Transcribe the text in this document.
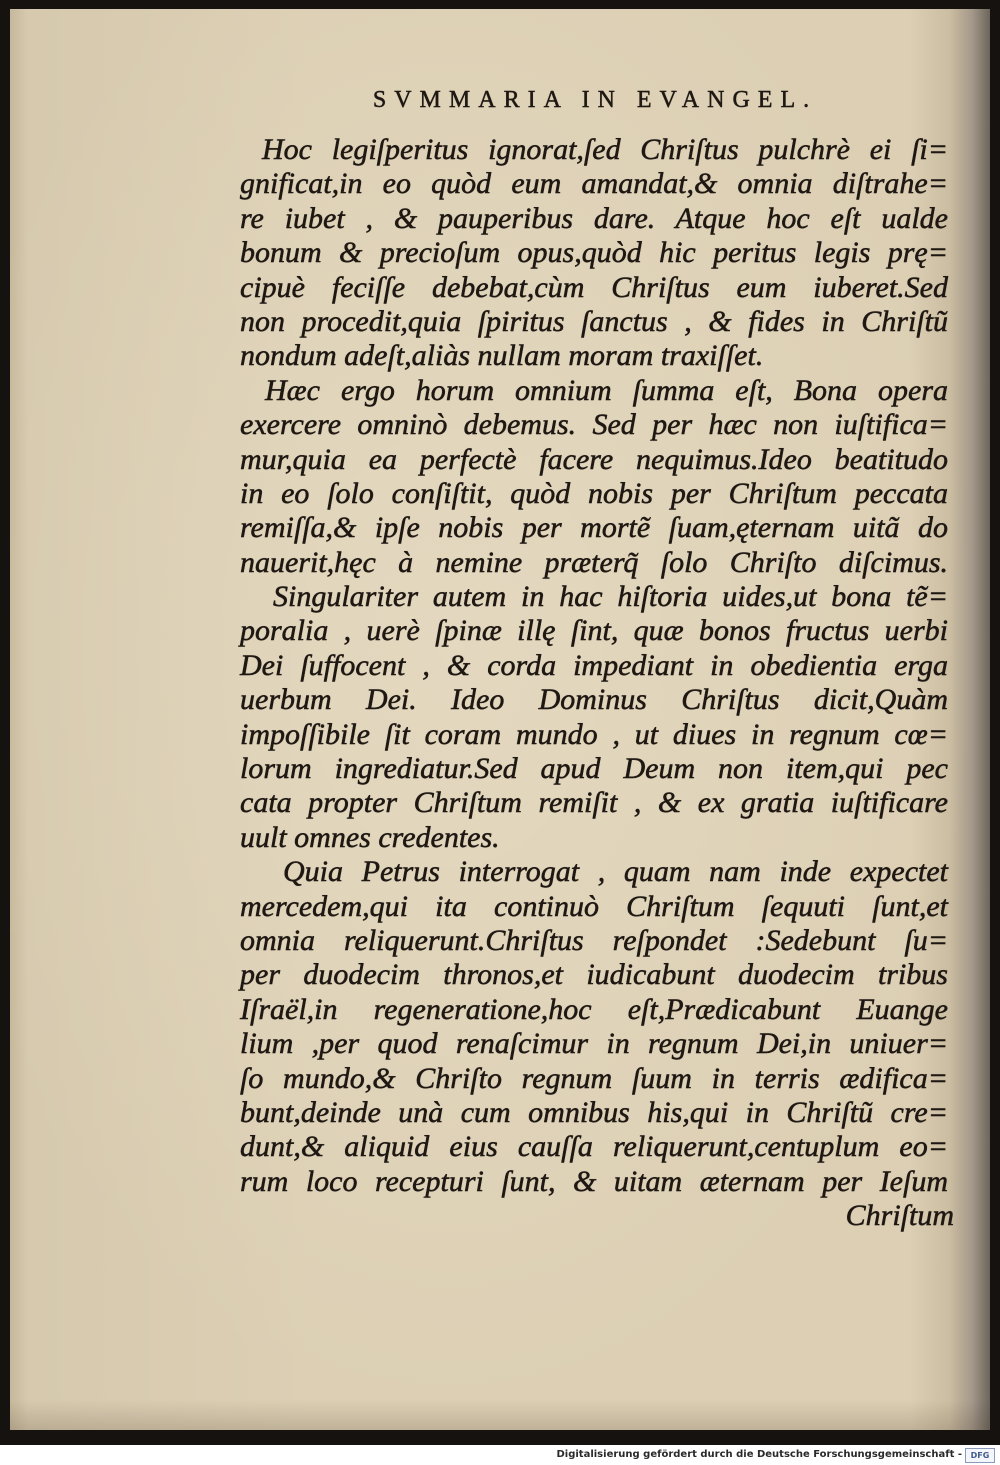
SVMMARIA IN EVANGEL.
Hoc legiſperitus ignorat,ſed Chriſtus pulchrè ei ſi=
gnificat,in eo quòd eum amandat,& omnia diſtrahe=
re iubet , & pauperibus dare. Atque hoc eſt ualde
bonum & precioſum opus,quòd hic peritus legis prę=
cipuè feciſſe debebat,cùm Chriſtus eum iuberet.Sed
non procedit,quia ſpiritus ſanctus , & fides in Chriſtũ
nondum adeſt,aliàs nullam moram traxiſſet.
Hæc ergo horum omnium ſumma eſt, Bona opera
exercere omninò debemus. Sed per hæc non iuſtifica=
mur,quia ea perfectè facere nequimus.Ideo beatitudo
in eo ſolo conſiſtit, quòd nobis per Chriſtum peccata
remiſſa,& ipſe nobis per mortẽ ſuam,ęternam uitã do
nauerit,hęc à nemine præterq̃ ſolo Chriſto diſcimus.
Singulariter autem in hac hiſtoria uides,ut bona tẽ=
poralia , uerè ſpinæ illę ſint, quæ bonos fructus uerbi
Dei ſuffocent , & corda impediant in obedientia erga
uerbum Dei. Ideo Dominus Chriſtus dicit,Quàm
impoſſibile ſit coram mundo , ut diues in regnum cœ=
lorum ingrediatur.Sed apud Deum non item,qui pec
cata propter Chriſtum remiſit , & ex gratia iuſtificare
uult omnes credentes.
Quia Petrus interrogat , quam nam inde expectet
mercedem,qui ita continuò Chriſtum ſequuti ſunt,et
omnia reliquerunt.Chriſtus reſpondet :Sedebunt ſu=
per duodecim thronos,et iudicabunt duodecim tribus
Iſraël,in regeneratione,hoc eſt,Prædicabunt Euange
lium ,per quod renaſcimur in regnum Dei,in uniuer=
ſo mundo,& Chriſto regnum ſuum in terris ædifica=
bunt,deinde unà cum omnibus his,qui in Chriſtũ cre=
dunt,& aliquid eius cauſſa reliquerunt,centuplum eo=
rum loco recepturi ſunt, & uitam æternam per Ieſum
Chriſtum
Digitalisierung gefördert durch die Deutsche Forschungsgemeinschaft -	DFG
